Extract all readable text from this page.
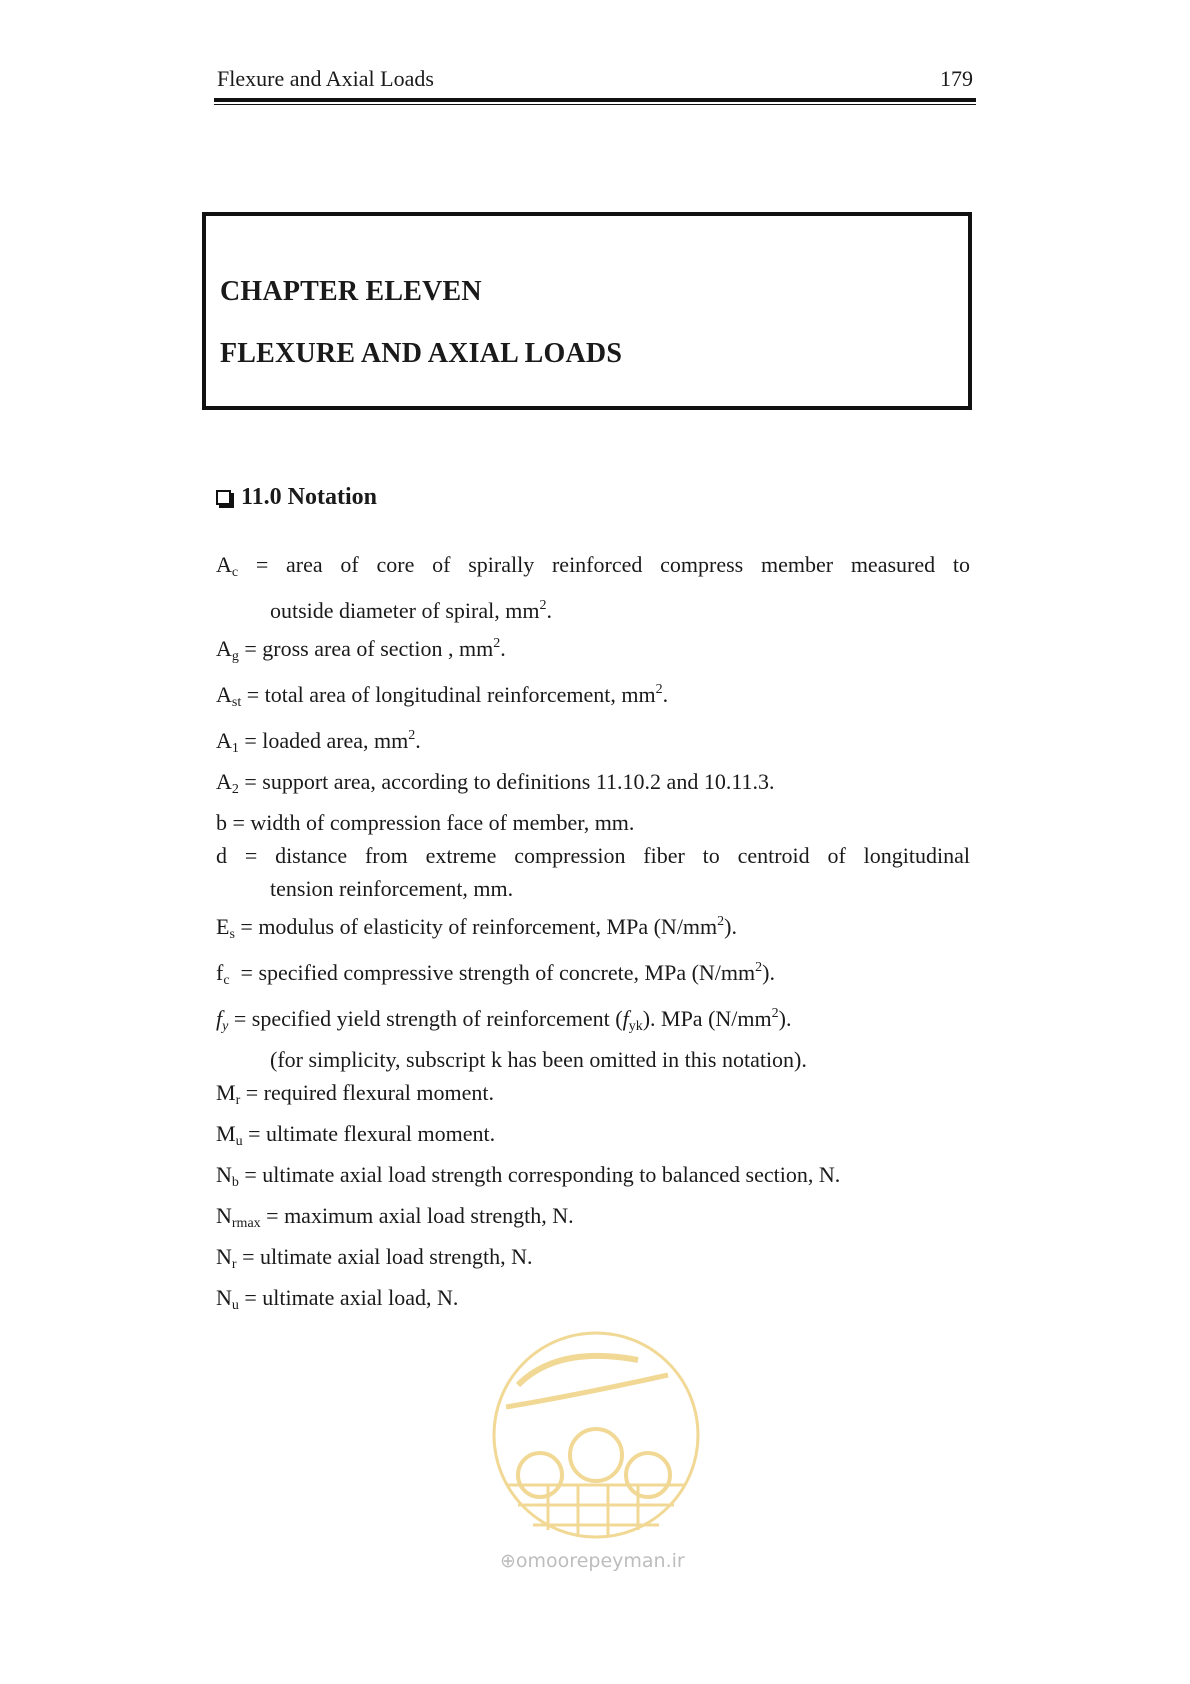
Flexure and Axial Loads	179
CHAPTER ELEVEN
FLEXURE AND AXIAL LOADS
11.0 Notation
$A_c$ = area of core of spirally reinforced compress member measured to
outside diameter of spiral, $mm^2$.
$A_g$ = gross area of section , $mm^2$.
$A_{st}$ = total area of longitudinal reinforcement, $mm^2$.
$A_1$ = loaded area, $mm^2$.
$A_2$ = support area, according to definitions 11.10.2 and 10.11.3.
b = width of compression face of member, mm.
d = distance from extreme compression fiber to centroid of longitudinal
tension reinforcement, mm.
$E_s$ = modulus of elasticity of reinforcement, MPa $(N/mm^2)$.
$f_c$  = specified compressive strength of concrete, MPa $(N/mm^2)$.
$f_y$ = specified yield strength of reinforcement $(f_{yk})$. MPa $(N/mm^2)$.
(for simplicity, subscript k has been omitted in this notation).
$M_r$ = required flexural moment.
$M_u$ = ultimate flexural moment.
$N_b$ = ultimate axial load strength corresponding to balanced section, N.
$N_{rmax}$ = maximum axial load strength, N.
$N_r$ = ultimate axial load strength, N.
$N_u$ = ultimate axial load, N.
⊕omoorepeyman.ir
